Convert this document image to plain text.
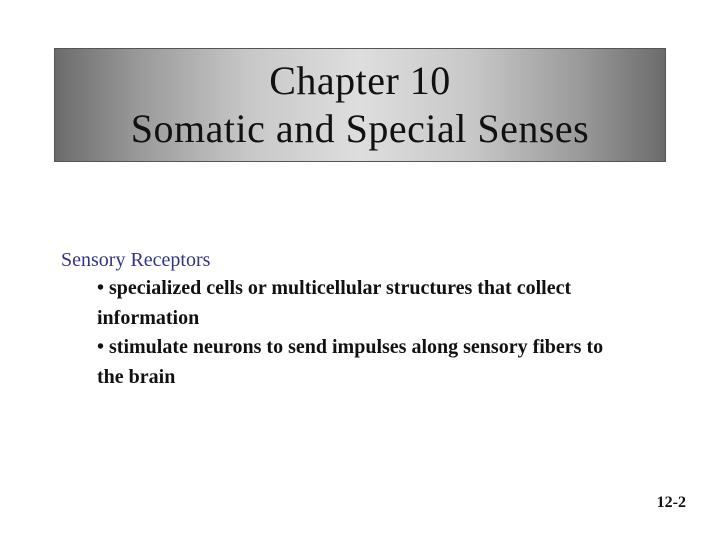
Chapter 10
Somatic and Special Senses
Sensory Receptors
• specialized cells or multicellular structures that collect information
• stimulate neurons to send impulses along sensory fibers to the brain
12-2
